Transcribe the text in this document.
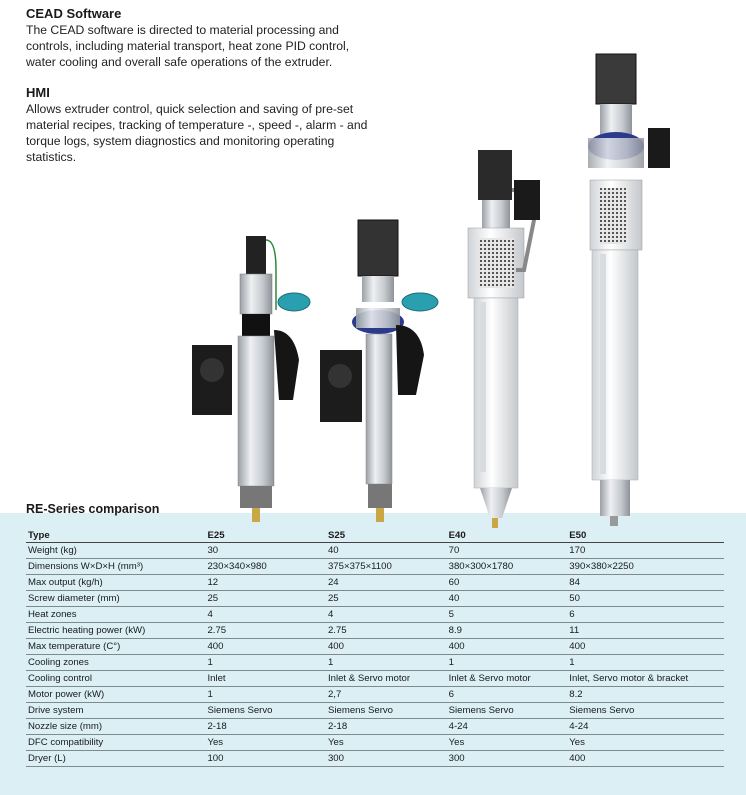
CEAD Software
The CEAD software is directed to material processing and controls, including material transport, heat zone PID control, water cooling and overall safe operations of the extruder.
HMI
Allows extruder control, quick selection and saving of pre-set material recipes, tracking of temperature -, speed -, alarm - and torque logs, system diagnostics and monitoring operating statistics.
RE-Series comparison
Type	E25	S25	E40	E50
Weight (kg)	30	40	70	170
Dimensions W×D×H (mm³)	230×340×980	375×375×1100	380×300×1780	390×380×2250
Max output (kg/h)	12	24	60	84
Screw diameter (mm)	25	25	40	50
Heat zones	4	4	5	6
Electric heating power (kW)	2.75	2.75	8.9	11
Max temperature (C°)	400	400	400	400
Cooling zones	1	1	1	1
Cooling control	Inlet	Inlet & Servo motor	Inlet & Servo motor	Inlet, Servo motor & bracket
Motor power (kW)	1	2,7	6	8.2
Drive system	Siemens Servo	Siemens Servo	Siemens Servo	Siemens Servo
Nozzle size (mm)	2-18	2-18	4-24	4-24
DFC compatibility	Yes	Yes	Yes	Yes
Dryer (L)	100	300	300	400
